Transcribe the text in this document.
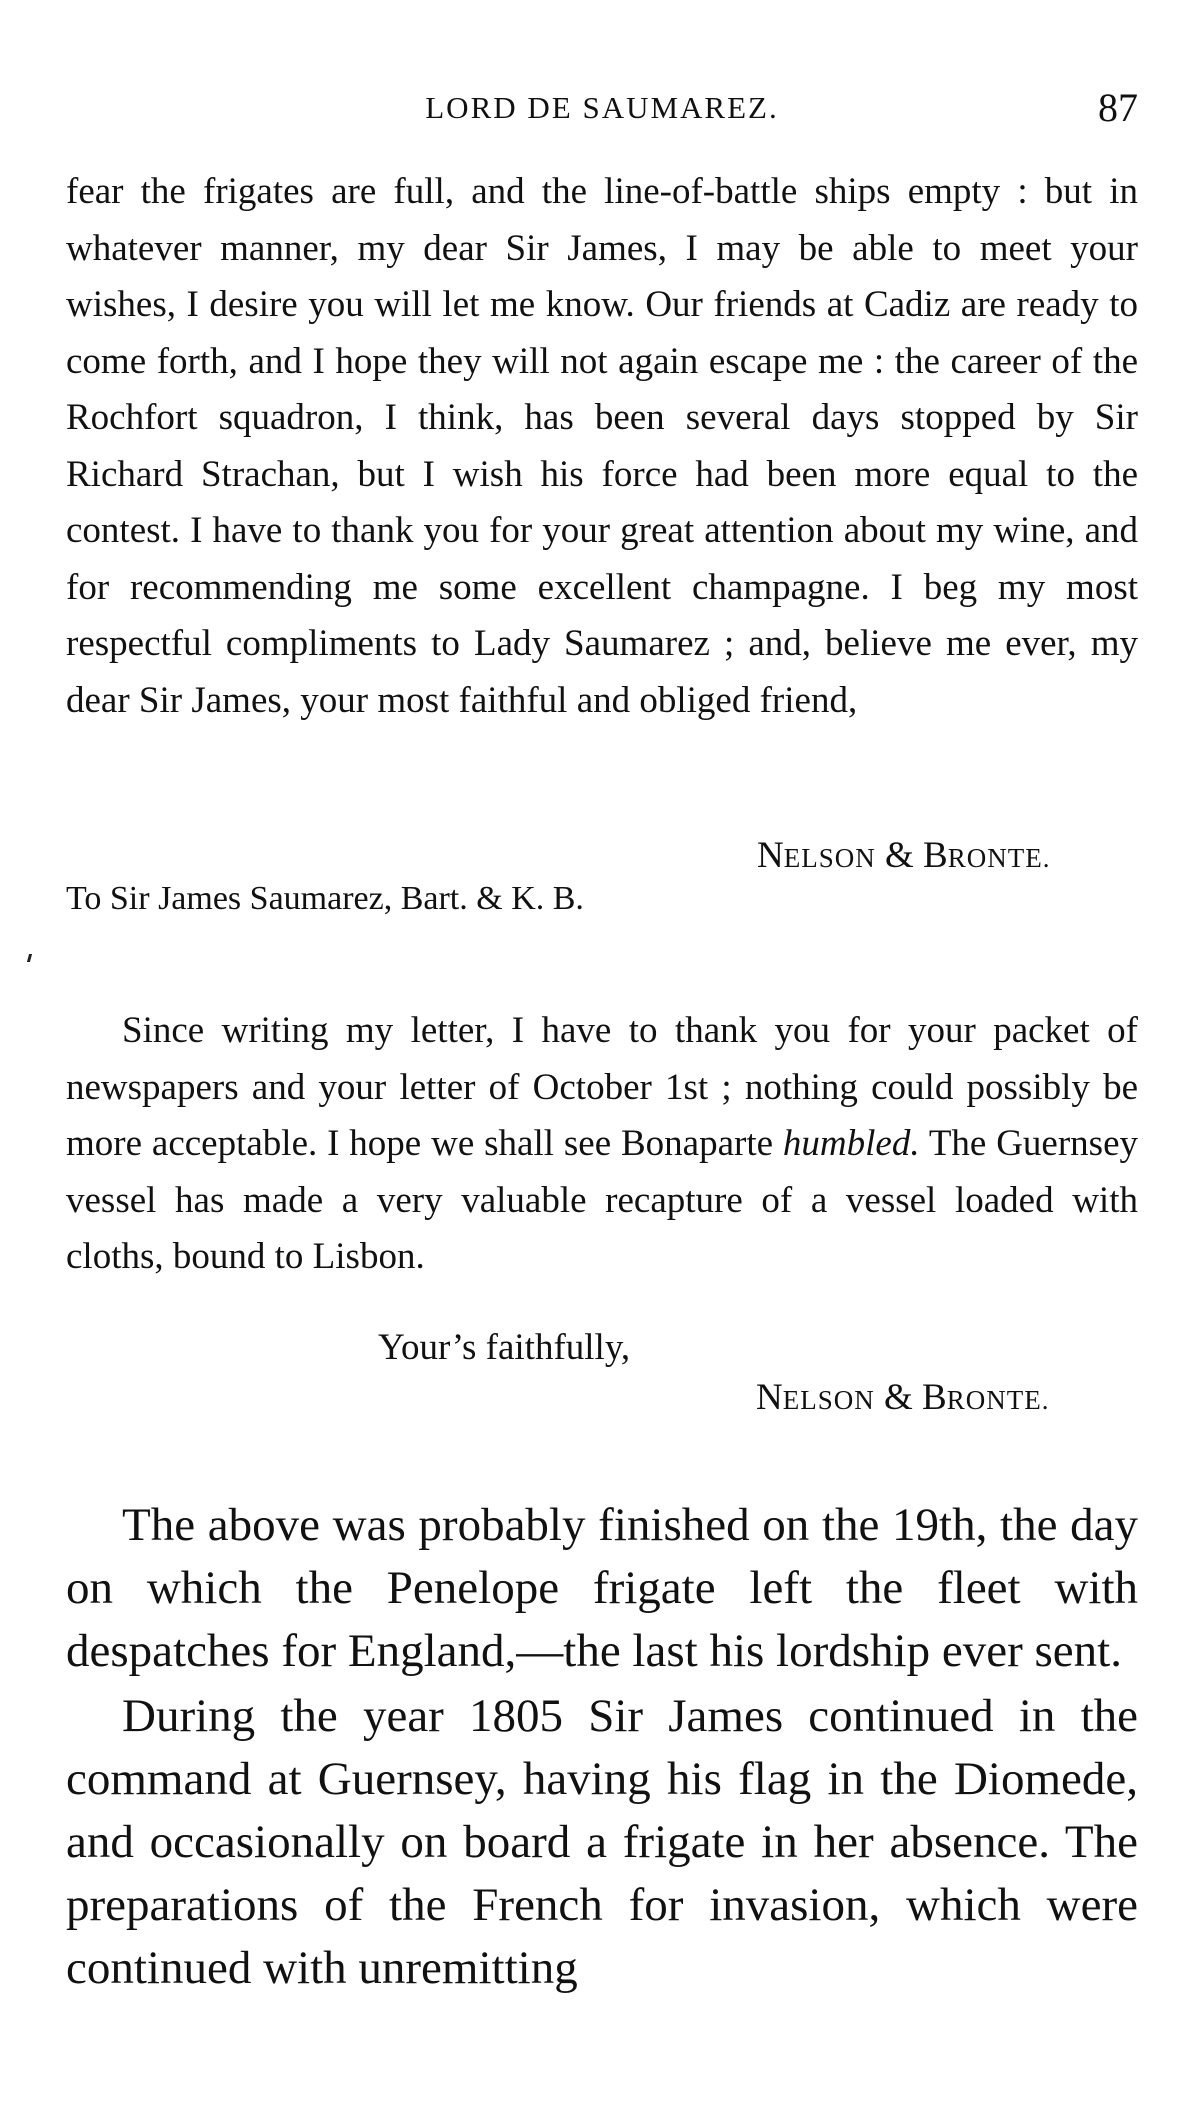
LORD DE SAUMAREZ.	87

fear the frigates are full, and the line-of-battle ships empty : but in whatever manner, my dear Sir James, I may be able to meet your wishes, I desire you will let me know. Our friends at Cadiz are ready to come forth, and I hope they will not again escape me : the career of the Rochfort squadron, I think, has been several days stopped by Sir Richard Strachan, but I wish his force had been more equal to the contest. I have to thank you for your great attention about my wine, and for recommending me some excellent champagne. I beg my most respectful compliments to Lady Saumarez ; and, believe me ever, my dear Sir James, your most faithful and obliged friend,

NELSON & BRONTE.
To Sir James Saumarez, Bart. & K. B.

Since writing my letter, I have to thank you for your packet of newspapers and your letter of October 1st ; nothing could possibly be more acceptable. I hope we shall see Bonaparte humbled. The Guernsey vessel has made a very valuable recapture of a vessel loaded with cloths, bound to Lisbon.

Your’s faithfully,
NELSON & BRONTE.

The above was probably finished on the 19th, the day on which the Penelope frigate left the fleet with despatches for England,—the last his lordship ever sent.

During the year 1805 Sir James continued in the command at Guernsey, having his flag in the Diomede, and occasionally on board a frigate in her absence. The preparations of the French for invasion, which were continued with unremitting
